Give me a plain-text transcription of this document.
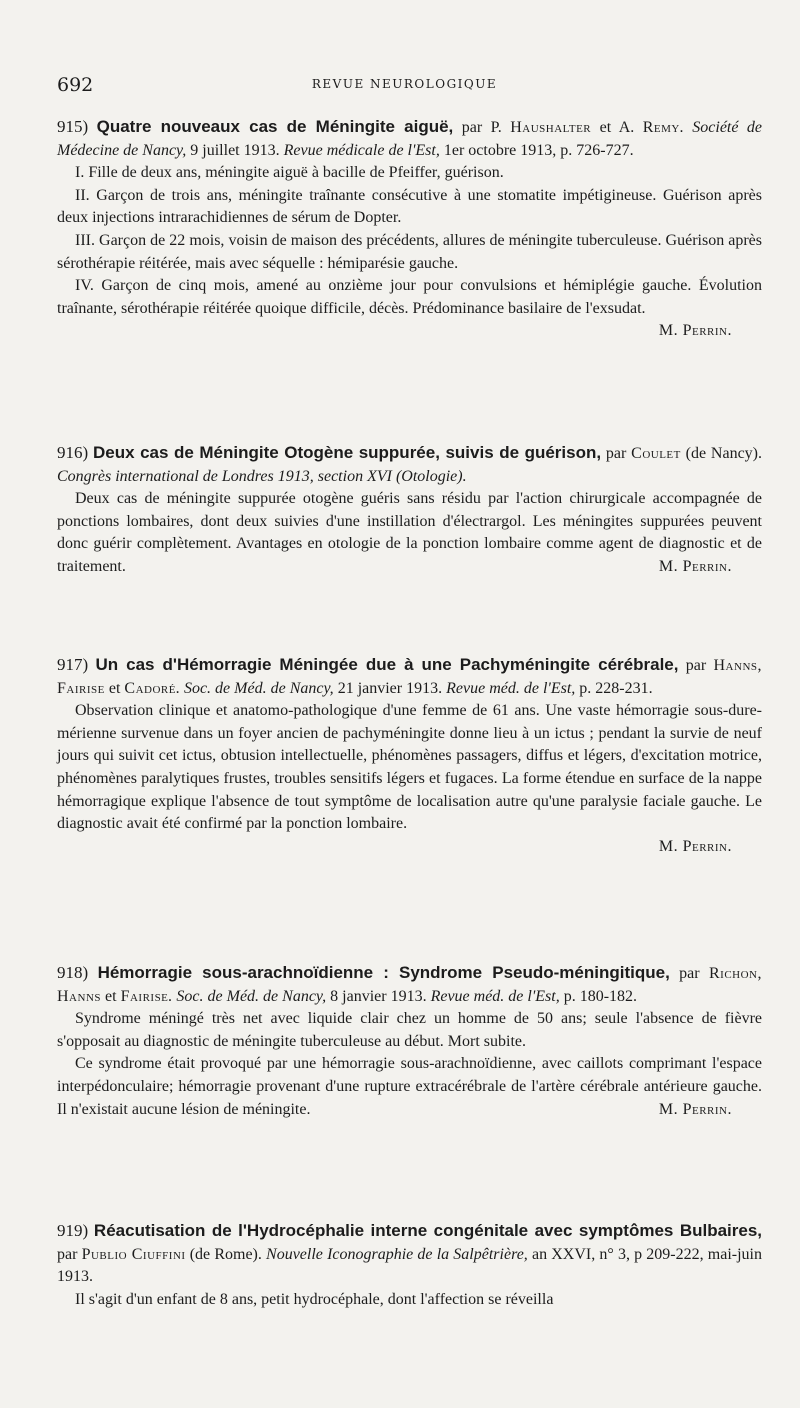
692	REVUE NEUROLOGIQUE

915) Quatre nouveaux cas de Méningite aiguë, par P. Haushalter et A. Remy. Société de Médecine de Nancy, 9 juillet 1913. Revue médicale de l'Est, 1er octobre 1913, p. 726-727.

I. Fille de deux ans, méningite aiguë à bacille de Pfeiffer, guérison.

II. Garçon de trois ans, méningite traînante consécutive à une stomatite impétigineuse. Guérison après deux injections intrarachidiennes de sérum de Dopter.

III. Garçon de 22 mois, voisin de maison des précédents, allures de méningite tuberculeuse. Guérison après sérothérapie réitérée, mais avec séquelle : hémiparésie gauche.

IV. Garçon de cinq mois, amené au onzième jour pour convulsions et hémiplégie gauche. Évolution traînante, sérothérapie réitérée quoique difficile, décès. Prédominance basilaire de l'exsudat.
M. Perrin.

916) Deux cas de Méningite Otogène suppurée, suivis de guérison, par Coulet (de Nancy). Congrès international de Londres 1913, section XVI (Otologie).

Deux cas de méningite suppurée otogène guéris sans résidu par l'action chirurgicale accompagnée de ponctions lombaires, dont deux suivies d'une instillation d'électrargol. Les méningites suppurées peuvent donc guérir complètement. Avantages en otologie de la ponction lombaire comme agent de diagnostic et de traitement.	M. Perrin.

917) Un cas d'Hémorragie Méningée due à une Pachyméningite cérébrale, par Hanns, Fairise et Cadoré. Soc. de Méd. de Nancy, 21 janvier 1913. Revue méd. de l'Est, p. 228-231.

Observation clinique et anatomo-pathologique d'une femme de 61 ans. Une vaste hémorragie sous-dure-mérienne survenue dans un foyer ancien de pachyméningite donne lieu à un ictus ; pendant la survie de neuf jours qui suivit cet ictus, obtusion intellectuelle, phénomènes passagers, diffus et légers, d'excitation motrice, phénomènes paralytiques frustes, troubles sensitifs légers et fugaces. La forme étendue en surface de la nappe hémorragique explique l'absence de tout symptôme de localisation autre qu'une paralysie faciale gauche. Le diagnostic avait été confirmé par la ponction lombaire.

M. Perrin.

918) Hémorragie sous-arachnoïdienne : Syndrome Pseudo-méningitique, par Richon, Hanns et Fairise. Soc. de Méd. de Nancy, 8 janvier 1913. Revue méd. de l'Est, p. 180-182.

Syndrome méningé très net avec liquide clair chez un homme de 50 ans; seule l'absence de fièvre s'opposait au diagnostic de méningite tuberculeuse au début. Mort subite.

Ce syndrome était provoqué par une hémorragie sous-arachnoïdienne, avec caillots comprimant l'espace interpédonculaire; hémorragie provenant d'une rupture extracérébrale de l'artère cérébrale antérieure gauche. Il n'existait aucune lésion de méningite.	M. Perrin.

919) Réacutisation de l'Hydrocéphalie interne congénitale avec symptômes Bulbaires, par Publio Ciuffini (de Rome). Nouvelle Iconographie de la Salpêtrière, an XXVI, n° 3, p 209-222, mai-juin 1913.

Il s'agit d'un enfant de 8 ans, petit hydrocéphale, dont l'affection se réveilla
